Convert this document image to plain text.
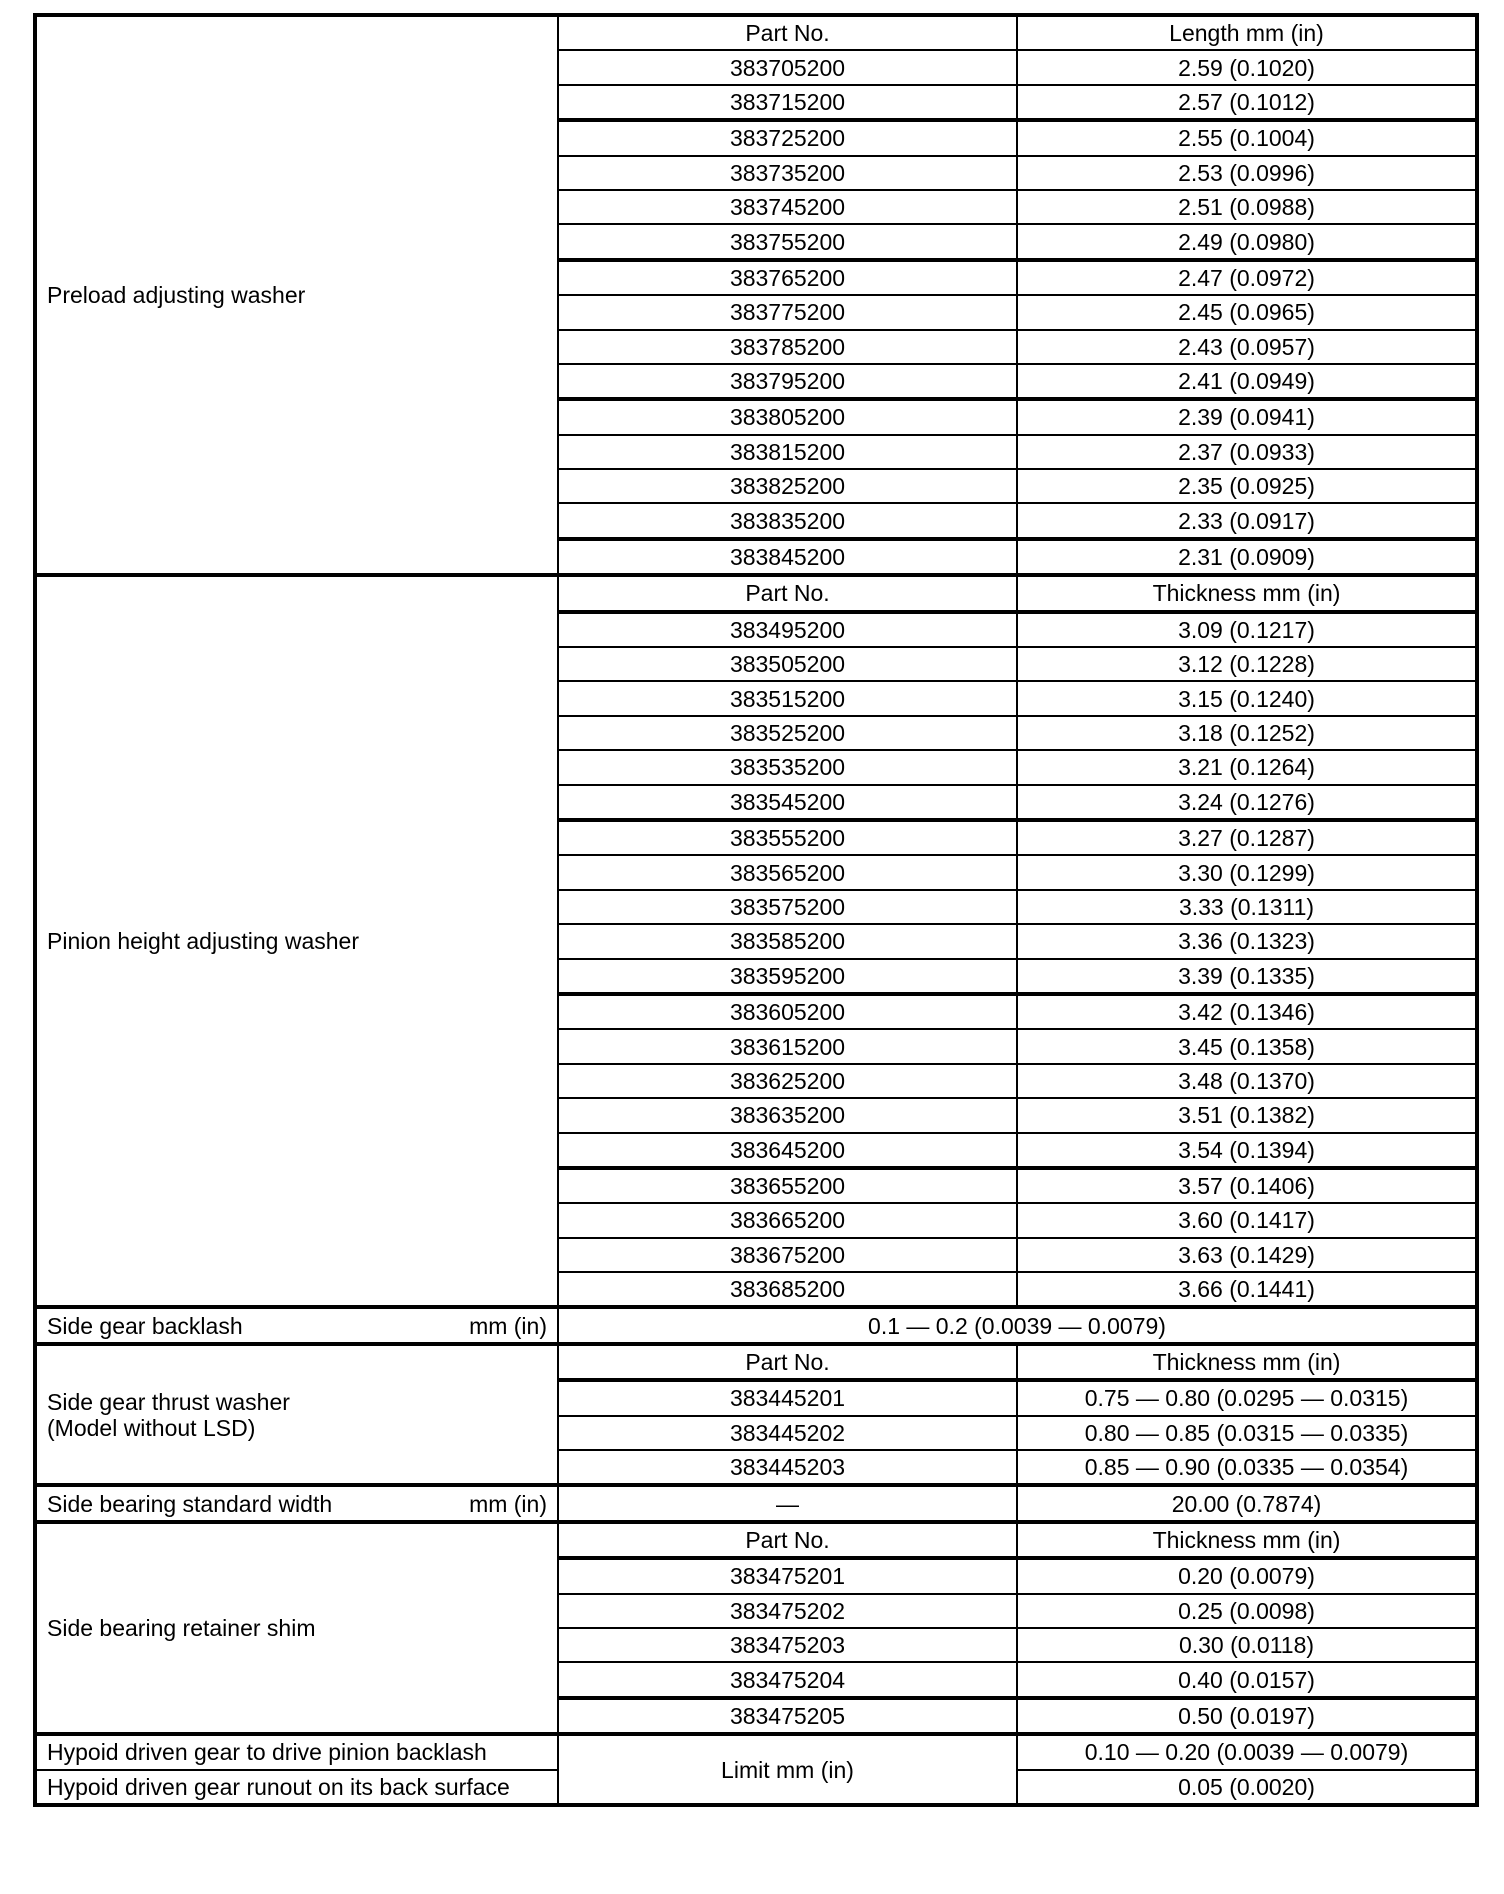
Preload adjusting washer	Part No.	Length mm (in)
	383705200	2.59 (0.1020)
	383715200	2.57 (0.1012)
	383725200	2.55 (0.1004)
	383735200	2.53 (0.0996)
	383745200	2.51 (0.0988)
	383755200	2.49 (0.0980)
	383765200	2.47 (0.0972)
	383775200	2.45 (0.0965)
	383785200	2.43 (0.0957)
	383795200	2.41 (0.0949)
	383805200	2.39 (0.0941)
	383815200	2.37 (0.0933)
	383825200	2.35 (0.0925)
	383835200	2.33 (0.0917)
	383845200	2.31 (0.0909)
Pinion height adjusting washer	Part No.	Thickness mm (in)
	383495200	3.09 (0.1217)
	383505200	3.12 (0.1228)
	383515200	3.15 (0.1240)
	383525200	3.18 (0.1252)
	383535200	3.21 (0.1264)
	383545200	3.24 (0.1276)
	383555200	3.27 (0.1287)
	383565200	3.30 (0.1299)
	383575200	3.33 (0.1311)
	383585200	3.36 (0.1323)
	383595200	3.39 (0.1335)
	383605200	3.42 (0.1346)
	383615200	3.45 (0.1358)
	383625200	3.48 (0.1370)
	383635200	3.51 (0.1382)
	383645200	3.54 (0.1394)
	383655200	3.57 (0.1406)
	383665200	3.60 (0.1417)
	383675200	3.63 (0.1429)
	383685200	3.66 (0.1441)

Side gear backlash mm (in)	0.1 — 0.2 (0.0039 — 0.0079)	
Side gear thrust washer
(Model without LSD)	Part No.	Thickness mm (in)
	383445201	0.75 — 0.80 (0.0295 — 0.0315)
	383445202	0.80 — 0.85 (0.0315 — 0.0335)
	383445203	0.85 — 0.90 (0.0335 — 0.0354)

Side bearing standard width mm (in)	—	20.00 (0.7874)
Side bearing retainer shim	Part No.	Thickness mm (in)
	383475201	0.20 (0.0079)
	383475202	0.25 (0.0098)
	383475203	0.30 (0.0118)
	383475204	0.40 (0.0157)
	383475205	0.50 (0.0197)
Hypoid driven gear to drive pinion backlash	Limit mm (in)	0.10 — 0.20 (0.0039 — 0.0079)
Hypoid driven gear runout on its back surface		0.05 (0.0020)
